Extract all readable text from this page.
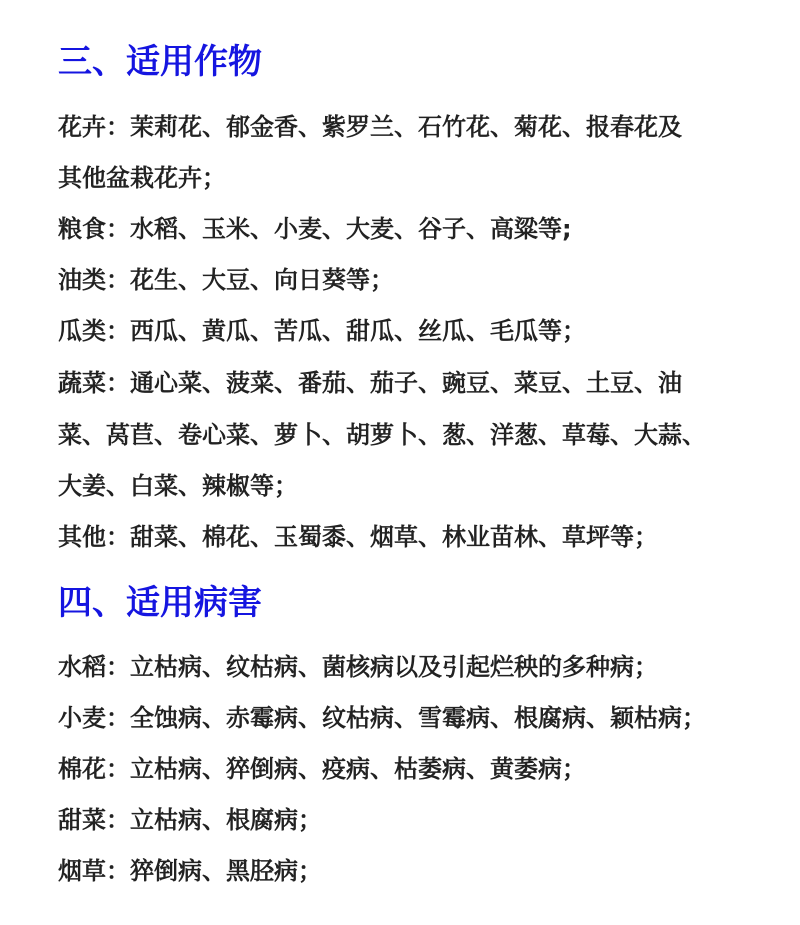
三、适用作物

花卉：茉莉花、郁金香、紫罗兰、石竹花、菊花、报春花及

其他盆栽花卉；

粮食：水稻、玉米、小麦、大麦、谷子、高粱等;

油类：花生、大豆、向日葵等；

瓜类：西瓜、黄瓜、苦瓜、甜瓜、丝瓜、毛瓜等；

蔬菜：通心菜、菠菜、番茄、茄子、豌豆、菜豆、土豆、油

菜、莴苣、卷心菜、萝卜、胡萝卜、葱、洋葱、草莓、大蒜、

大姜、白菜、辣椒等；

其他：甜菜、棉花、玉蜀黍、烟草、林业苗林、草坪等；

四、适用病害

水稻：立枯病、纹枯病、菌核病以及引起烂秧的多种病；

小麦：全蚀病、赤霉病、纹枯病、雪霉病、根腐病、颖枯病；

棉花：立枯病、猝倒病、疫病、枯萎病、黄萎病；

甜菜：立枯病、根腐病；

烟草：猝倒病、黑胫病；
